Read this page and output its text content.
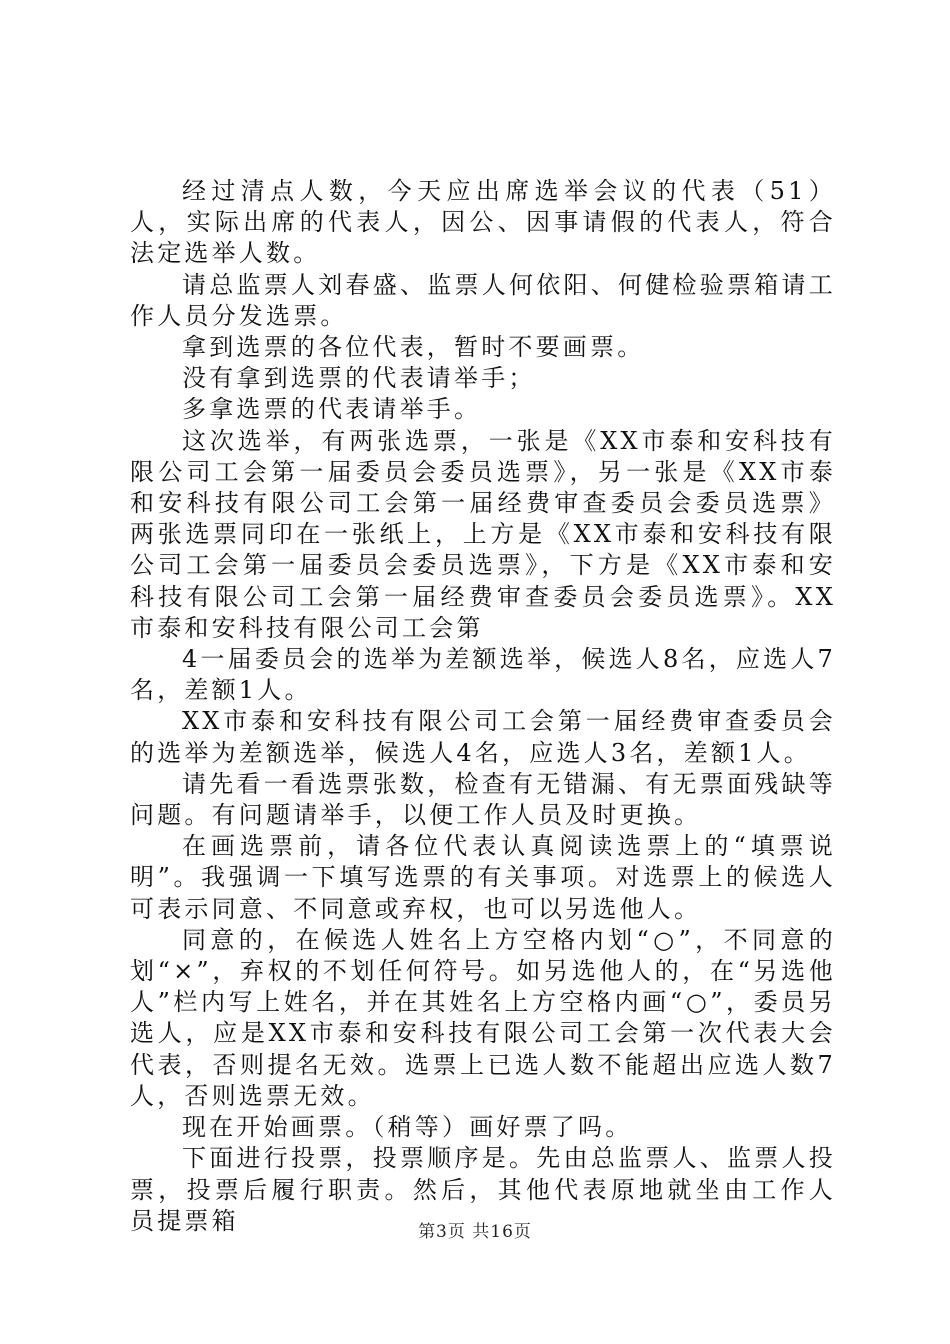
经过清点人数，今天应出席选举会议的代表（51）人，实际出席的代表人，因公、因事请假的代表人，符合法定选举人数。

请总监票人刘春盛、监票人何依阳、何健检验票箱请工作人员分发选票。

拿到选票的各位代表，暂时不要画票。

没有拿到选票的代表请举手；

多拿选票的代表请举手。

这次选举，有两张选票，一张是《XX市泰和安科技有限公司工会第一届委员会委员选票》，另一张是《XX市泰和安科技有限公司工会第一届经费审查委员会委员选票》两张选票同印在一张纸上，上方是《XX市泰和安科技有限公司工会第一届委员会委员选票》，下方是《XX市泰和安科技有限公司工会第一届经费审查委员会委员选票》。XX市泰和安科技有限公司工会第

4一届委员会的选举为差额选举，候选人8名，应选人7名，差额1人。

XX市泰和安科技有限公司工会第一届经费审查委员会的选举为差额选举，候选人4名，应选人3名，差额1人。

请先看一看选票张数，检查有无错漏、有无票面残缺等问题。有问题请举手，以便工作人员及时更换。

在画选票前，请各位代表认真阅读选票上的“填票说明”。我强调一下填写选票的有关事项。对选票上的候选人可表示同意、不同意或弃权，也可以另选他人。

同意的，在候选人姓名上方空格内划“○”，不同意的划“×”，弃权的不划任何符号。如另选他人的，在“另选他人”栏内写上姓名，并在其姓名上方空格内画“○”，委员另选人，应是XX市泰和安科技有限公司工会第一次代表大会代表，否则提名无效。选票上已选人数不能超出应选人数7人，否则选票无效。

现在开始画票。（稍等）画好票了吗。

下面进行投票，投票顺序是。先由总监票人、监票人投票，投票后履行职责。然后，其他代表原地就坐由工作人员提票箱	第3页 共16页
